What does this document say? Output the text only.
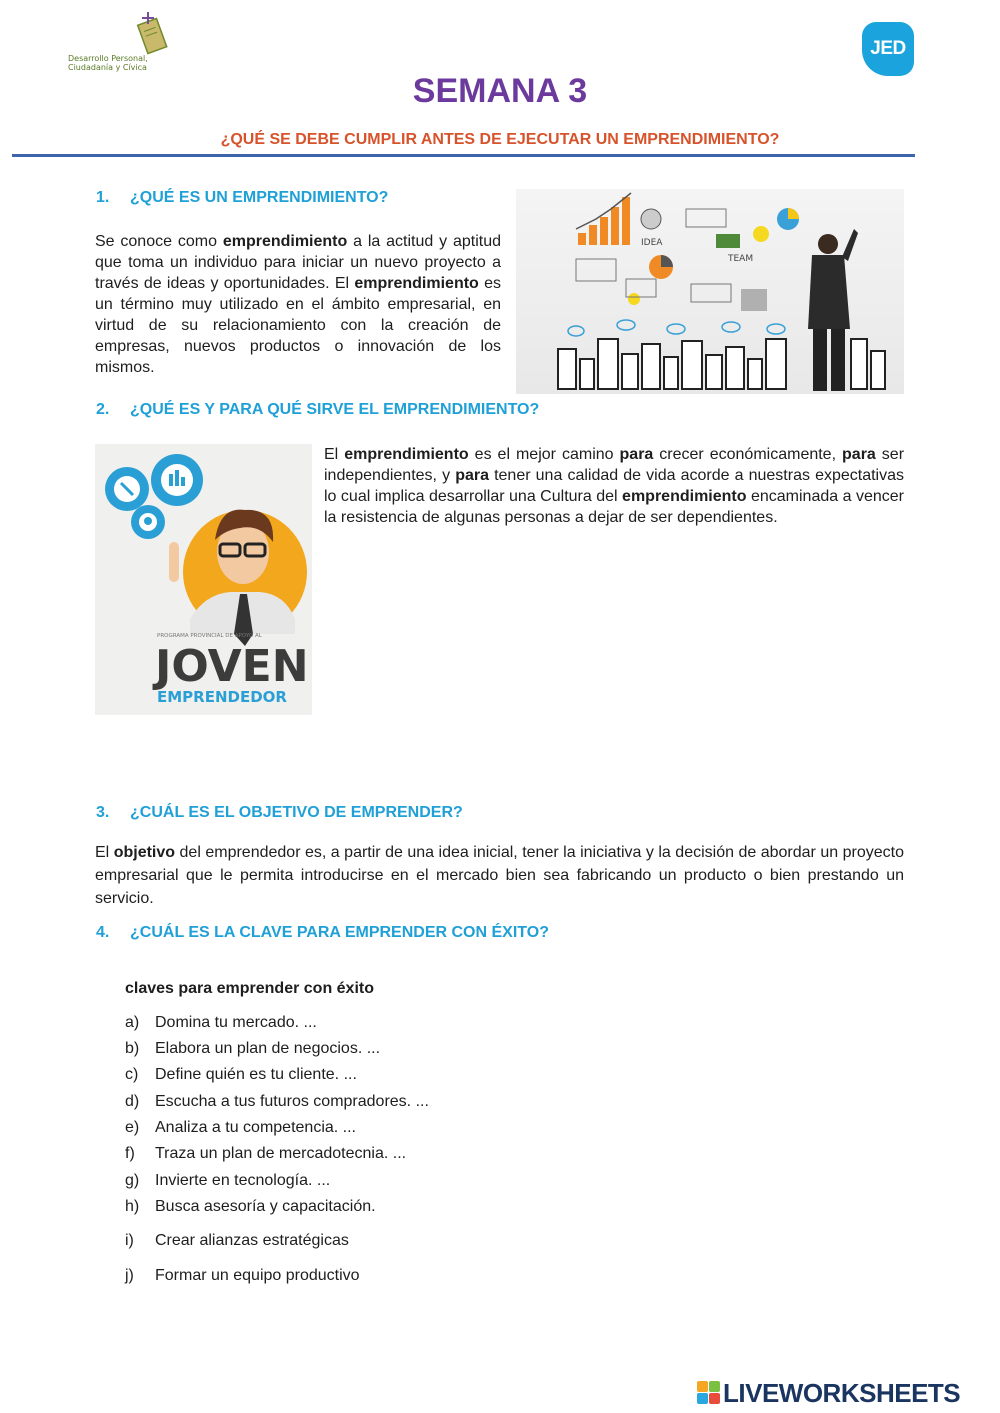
Desarrollo Personal, Ciudadanía y Cívica
JED
SEMANA 3
¿QUÉ SE DEBE CUMPLIR ANTES DE EJECUTAR UN EMPRENDIMIENTO?
1. ¿QUÉ ES UN EMPRENDIMIENTO?
Se conoce como emprendimiento a la actitud y aptitud que toma un individuo para iniciar un nuevo proyecto a través de ideas y oportunidades. El emprendimiento es un término muy utilizado en el ámbito empresarial, en virtud de su relacionamiento con la creación de empresas, nuevos productos o innovación de los mismos.
IDEA
TEAM
2. ¿QUÉ ES Y PARA QUÉ SIRVE EL EMPRENDIMIENTO?
PROGRAMA PROVINCIAL DE APOYO AL
JOVEN
EMPRENDEDOR
El emprendimiento es el mejor camino para crecer económicamente, para ser independientes, y para tener una calidad de vida acorde a nuestras expectativas lo cual implica desarrollar una Cultura del emprendimiento encaminada a vencer la resistencia de algunas personas a dejar de ser dependientes.
3. ¿CUÁL ES EL OBJETIVO DE EMPRENDER?
El objetivo del emprendedor es, a partir de una idea inicial, tener la iniciativa y la decisión de abordar un proyecto empresarial que le permita introducirse en el mercado bien sea fabricando un producto o bien prestando un servicio.
4. ¿CUÁL ES LA CLAVE PARA EMPRENDER CON ÉXITO?
claves para emprender con éxito
a) Domina tu mercado. ...
b) Elabora un plan de negocios. ...
c) Define quién es tu cliente. ...
d) Escucha a tus futuros compradores. ...
e) Analiza a tu competencia. ...
f) Traza un plan de mercadotecnia. ...
g) Invierte en tecnología. ...
h) Busca asesoría y capacitación.
i) Crear alianzas estratégicas
j) Formar un equipo productivo
LIVEWORKSHEETS
